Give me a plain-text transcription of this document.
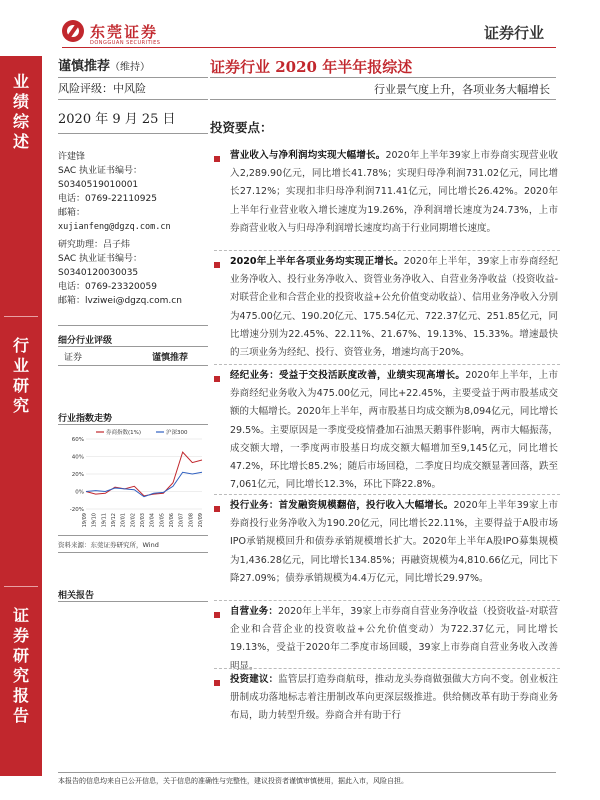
东莞证券
DONGGUAN SECURITIES
证券行业
业
绩
综
述
行
业
研
究
证
券
研
究
报
告
谨慎推荐（维持）
风险评级：中风险
2020 年 9 月 25 日
许建锋
SAC 执业证书编号：
S0340519010001
电话：0769-22110925
邮箱：
xujianfeng@dgzq.com.cn
研究助理：吕子炜
SAC 执业证书编号：
S0340120030035
电话：0769-23320059
邮箱：lvziwei@dgzq.com.cn
细分行业评级
证券	谨慎推荐
行业指数走势
60%
40%
20%
0%
-20%
19/09 19/10 19/11 19/12 20/01 20/02 20/03 20/04 20/05 20/06 20/07 20/08 20/09
券商指数(1%)	沪深300
资料来源：东莞证券研究所，Wind
相关报告
证券行业 2020 年半年报综述
行业景气度上升，各项业务大幅增长
投资要点：
营业收入与净利润均实现大幅增长。2020年上半年39家上市券商实现营业收入2,289.90亿元，同比增长41.78%；实现归母净利润731.02亿元，同比增长27.12%；实现扣非归母净利润711.41亿元，同比增长26.42%。2020年上半年行业营业收入增长速度为19.26%，净利润增长速度为24.73%，上市券商营业收入与归母净利润增长速度均高于行业同期增长速度。
2020年上半年各项业务均实现正增长。2020年上半年，39家上市券商经纪业务净收入、投行业务净收入、资管业务净收入、自营业务净收益（投资收益-对联营企业和合营企业的投资收益+公允价值变动收益）、信用业务净收入分别为475.00亿元、190.20亿元、175.54亿元、722.37亿元、251.85亿元，同比增速分别为22.45%、22.11%、21.67%、19.13%、15.33%。增速最快的三项业务为经纪、投行、资管业务，增速均高于20%。
经纪业务：受益于交投活跃度改善，业绩实现高增长。2020年上半年，上市券商经纪业务收入为475.00亿元，同比+22.45%，主要受益于两市股基成交额的大幅增长。2020年上半年，两市股基日均成交额为8,094亿元，同比增长29.5%。主要原因是一季度受疫情叠加石油黑天鹅事件影响，两市大幅振荡，成交额大增，一季度两市股基日均成交额大幅增加至9,145亿元，同比增长47.2%，环比增长85.2%；随后市场回稳，二季度日均成交额显著回落，跌至7,061亿元，同比增长12.3%，环比下降22.8%。
投行业务：首发融资规模翻倍，投行收入大幅增长。2020年上半年39家上市券商投行业务净收入为190.20亿元，同比增长22.11%，主要得益于A股市场IPO承销规模回升和债券承销规模增长扩大。2020年上半年A股IPO募集规模为1,436.28亿元，同比增长134.85%；再融资规模为4,810.66亿元，同比下降27.09%；债券承销规模为4.4万亿元，同比增长29.97%。
自营业务：2020年上半年，39家上市券商自营业务净收益（投资收益-对联营企业和合营企业的投资收益+公允价值变动）为722.37亿元，同比增长19.13%，受益于2020年二季度市场回暖，39家上市券商自营业务收入改善明显。
投资建议：监管层打造券商航母，推动龙头券商做强做大方向不变。创业板注册制成功落地标志着注册制改革向更深层级推进。供给侧改革有助于券商业务布局，助力转型升级。券商合并有助于行
本报告的信息均来自已公开信息，关于信息的准确性与完整性，建议投资者谨慎审慎使用，据此入市，风险自担。
